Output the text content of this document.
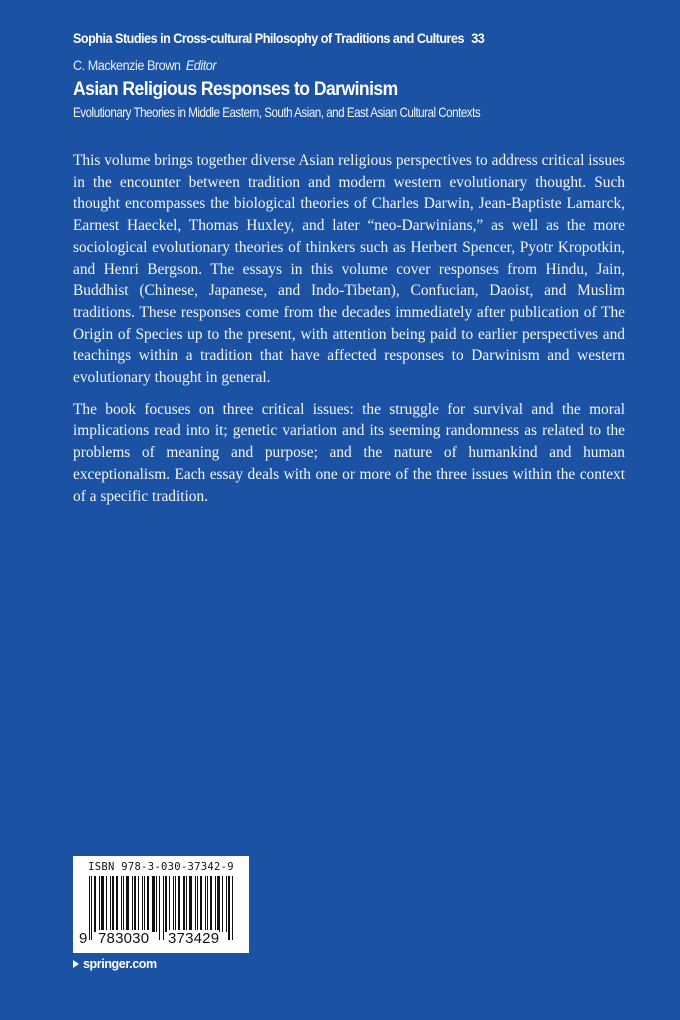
Sophia Studies in Cross-cultural Philosophy of Traditions and Cultures 33
C. Mackenzie Brown Editor
Asian Religious Responses to Darwinism
Evolutionary Theories in Middle Eastern, South Asian, and East Asian Cultural Contexts

This volume brings together diverse Asian religious perspectives to address critical issues in the encounter between tradition and modern western evolutionary thought. Such thought encompasses the biological theories of Charles Darwin, Jean-Baptiste Lamarck, Earnest Haeckel, Thomas Huxley, and later “neo-Darwinians,” as well as the more sociological evolutionary theories of thinkers such as Herbert Spencer, Pyotr Kropotkin, and Henri Bergson. The essays in this volume cover responses from Hindu, Jain, Buddhist (Chinese, Japanese, and Indo-Tibetan), Confucian, Daoist, and Muslim traditions. These responses come from the decades immediately after publication of The Origin of Species up to the present, with attention being paid to earlier perspectives and teachings within a tradition that have affected responses to Darwinism and western evolutionary thought in general.

The book focuses on three critical issues: the struggle for survival and the moral implications read into it; genetic variation and its seeming randomness as related to the problems of meaning and purpose; and the nature of humankind and human exceptionalism. Each essay deals with one or more of the three issues within the context of a specific tradition.

ISBN 978-3-030-37342-9
9 783030 373429
springer.com
